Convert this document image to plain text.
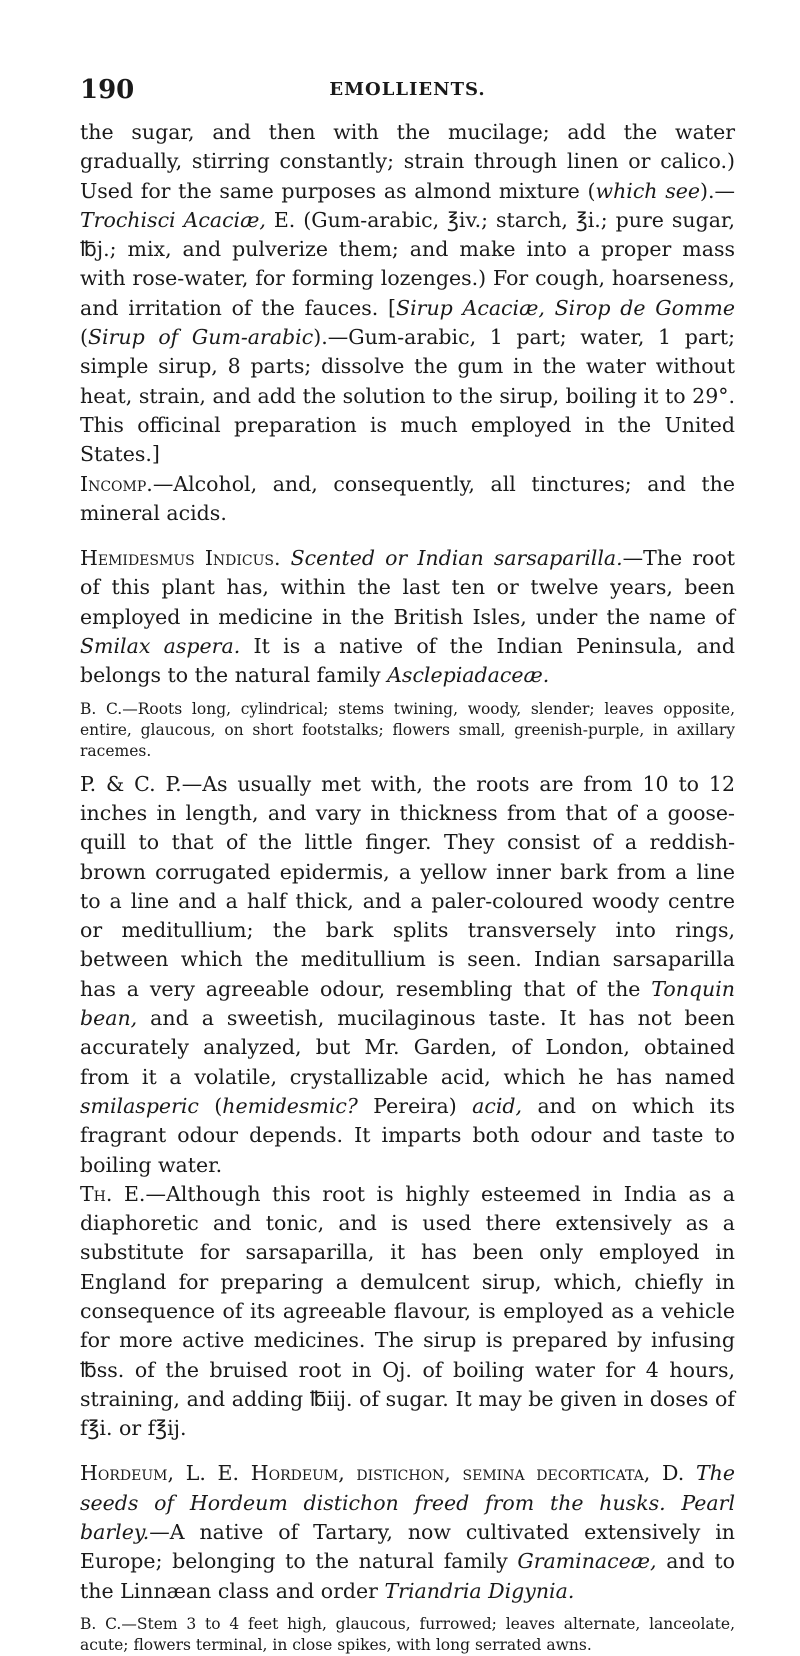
190	EMOLLIENTS.

the sugar, and then with the mucilage; add the water gradually, stirring constantly; strain through linen or calico.) Used for the same purposes as almond mixture (which see).—Trochisci Acaciæ, E. (Gum-arabic, ℥iv.; starch, ℥i.; pure sugar, ℔j.; mix, and pulverize them; and make into a proper mass with rose-water, for forming lozenges.) For cough, hoarseness, and irritation of the fauces. [Sirup Acaciæ, Sirop de Gomme (Sirup of Gum-arabic).—Gum-arabic, 1 part; water, 1 part; simple sirup, 8 parts; dissolve the gum in the water without heat, strain, and add the solution to the sirup, boiling it to 29°. This officinal preparation is much employed in the United States.]

Incomp.—Alcohol, and, consequently, all tinctures; and the mineral acids.

Hemidesmus Indicus. Scented or Indian sarsaparilla.—The root of this plant has, within the last ten or twelve years, been employed in medicine in the British Isles, under the name of Smilax aspera. It is a native of the Indian Peninsula, and belongs to the natural family Asclepiadaceæ.

B. C.—Roots long, cylindrical; stems twining, woody, slender; leaves opposite, entire, glaucous, on short footstalks; flowers small, greenish-purple, in axillary racemes.

P. & C. P.—As usually met with, the roots are from 10 to 12 inches in length, and vary in thickness from that of a goose-quill to that of the little finger. They consist of a reddish-brown corrugated epidermis, a yellow inner bark from a line to a line and a half thick, and a paler-coloured woody centre or meditullium; the bark splits transversely into rings, between which the meditullium is seen. Indian sarsaparilla has a very agreeable odour, resembling that of the Tonquin bean, and a sweetish, mucilaginous taste. It has not been accurately analyzed, but Mr. Garden, of London, obtained from it a volatile, crystallizable acid, which he has named smilasperic (hemidesmic? Pereira) acid, and on which its fragrant odour depends. It imparts both odour and taste to boiling water.

Th. E.—Although this root is highly esteemed in India as a diaphoretic and tonic, and is used there extensively as a substitute for sarsaparilla, it has been only employed in England for preparing a demulcent sirup, which, chiefly in consequence of its agreeable flavour, is employed as a vehicle for more active medicines. The sirup is prepared by infusing ℔ss. of the bruised root in Oj. of boiling water for 4 hours, straining, and adding ℔iij. of sugar. It may be given in doses of f℥i. or f℥ij.

Hordeum, L. E. Hordeum, distichon, semina decorticata, D. The seeds of Hordeum distichon freed from the husks. Pearl barley.—A native of Tartary, now cultivated extensively in Europe; belonging to the natural family Graminaceæ, and to the Linnæan class and order Triandria Digynia.

B. C.—Stem 3 to 4 feet high, glaucous, furrowed; leaves alternate, lanceolate, acute; flowers terminal, in close spikes, with long serrated awns.
